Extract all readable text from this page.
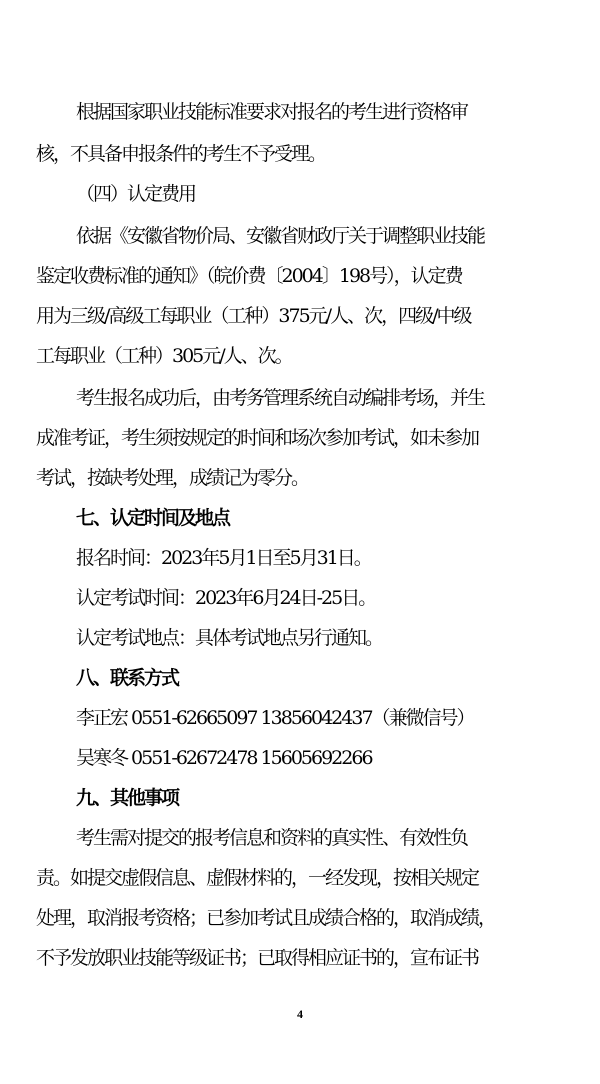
根据国家职业技能标准要求对报名的考生进行资格审
核，不具备申报条件的考生不予受理。
（四）认定费用
依据《安徽省物价局、安徽省财政厅关于调整职业技能
鉴定收费标准的通知》（皖价费〔2004〕198号），认定费
用为三级/高级工每职业（工种）375元/人、次，四级/中级
工每职业（工种）305元/人、次。
考生报名成功后，由考务管理系统自动编排考场，并生
成准考证，考生须按规定的时间和场次参加考试，如未参加
考试，按缺考处理，成绩记为零分。
七、认定时间及地点
报名时间：2023年5月1日至5月31日。
认定考试时间：2023年6月24日-25日。
认定考试地点：具体考试地点另行通知。
八、联系方式
李正宏 0551-62665097 13856042437（兼微信号）
吴寒冬 0551-62672478 15605692266
九、其他事项
考生需对提交的报考信息和资料的真实性、有效性负
责。如提交虚假信息、虚假材料的，一经发现，按相关规定
处理，取消报考资格；已参加考试且成绩合格的，取消成绩，
不予发放职业技能等级证书；已取得相应证书的，宣布证书
4
